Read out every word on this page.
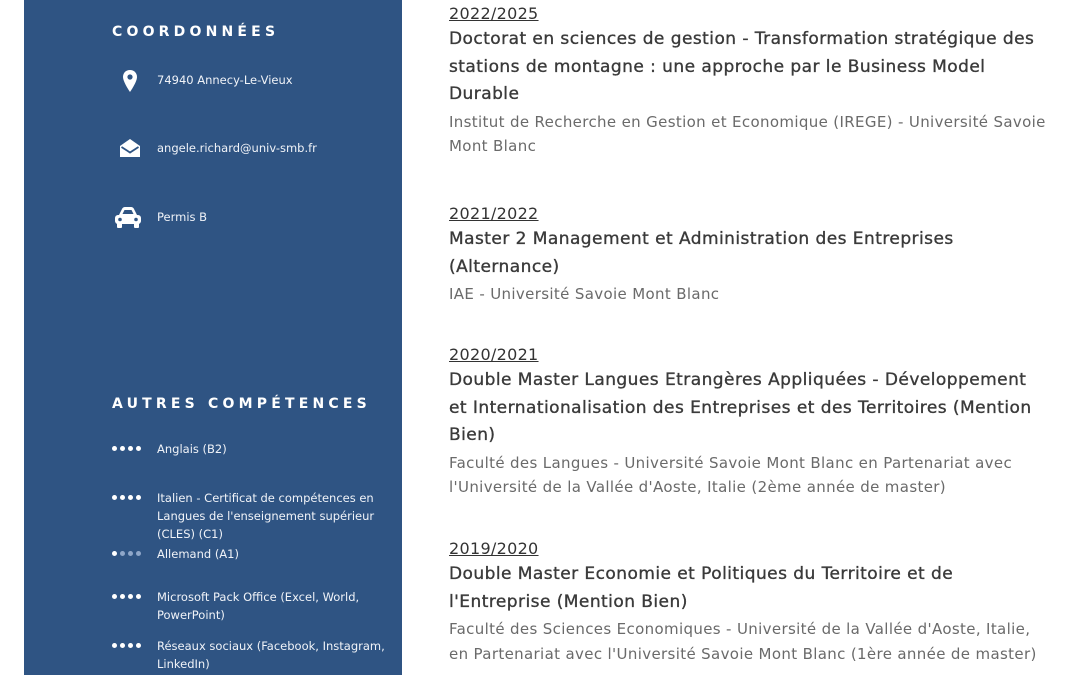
COORDONNÉES
74940 Annecy-Le-Vieux
angele.richard@univ-smb.fr
Permis B
AUTRES COMPÉTENCES
Anglais (B2)
Italien - Certificat de compétences en Langues de l'enseignement supérieur (CLES) (C1)
Allemand (A1)
Microsoft Pack Office (Excel, World, PowerPoint)
Réseaux sociaux (Facebook, Instagram, LinkedIn)
2022/2025
Doctorat en sciences de gestion - Transformation stratégique des stations de montagne : une approche par le Business Model Durable
Institut de Recherche en Gestion et Economique (IREGE) - Université Savoie Mont Blanc
2021/2022
Master 2 Management et Administration des Entreprises (Alternance)
IAE - Université Savoie Mont Blanc
2020/2021
Double Master Langues Etrangères Appliquées - Développement et Internationalisation des Entreprises et des Territoires (Mention Bien)
Faculté des Langues - Université Savoie Mont Blanc en Partenariat avec l'Université de la Vallée d'Aoste, Italie (2ème année de master)
2019/2020
Double Master Economie et Politiques du Territoire et de l'Entreprise (Mention Bien)
Faculté des Sciences Economiques - Université de la Vallée d'Aoste, Italie, en Partenariat avec l'Université Savoie Mont Blanc (1ère année de master)
